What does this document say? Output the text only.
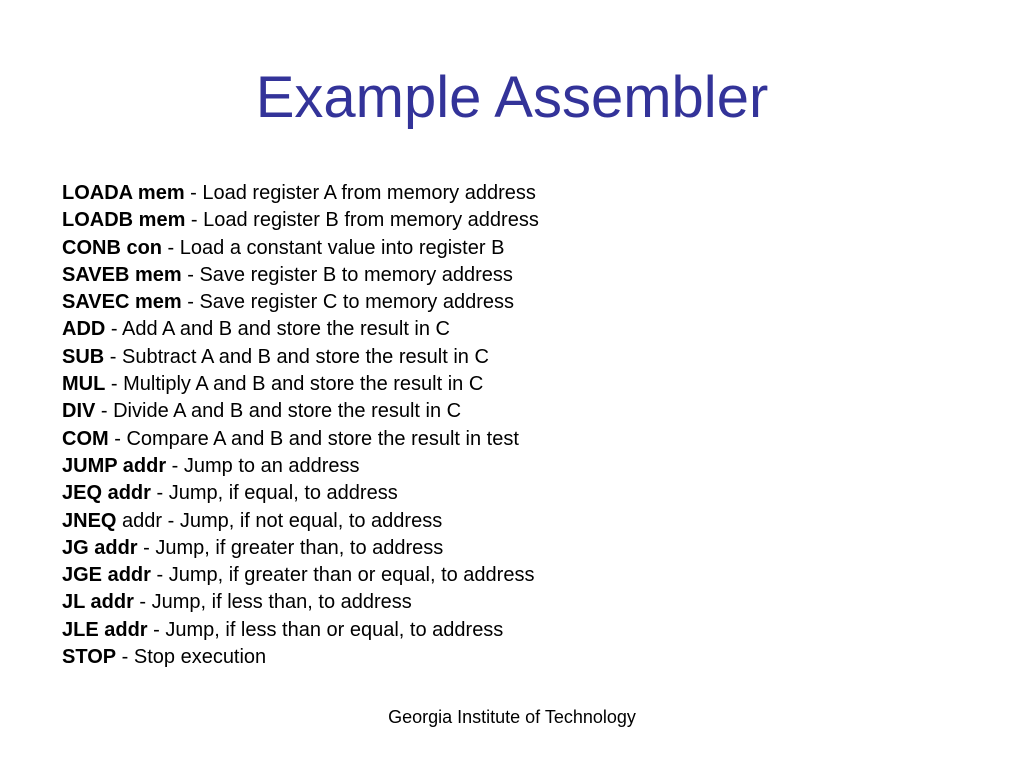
Example Assembler
LOADA mem - Load register A from memory address
LOADB mem - Load register B from memory address
CONB con - Load a constant value into register B
SAVEB mem - Save register B to memory address
SAVEC mem - Save register C to memory address
ADD - Add A and B and store the result in C
SUB - Subtract A and B and store the result in C
MUL - Multiply A and B and store the result in C
DIV - Divide A and B and store the result in C
COM - Compare A and B and store the result in test
JUMP addr - Jump to an address
JEQ addr - Jump, if equal, to address
JNEQ addr - Jump, if not equal, to address
JG addr - Jump, if greater than, to address
JGE addr - Jump, if greater than or equal, to address
JL addr - Jump, if less than, to address
JLE addr - Jump, if less than or equal, to address
STOP - Stop execution
Georgia Institute of Technology
